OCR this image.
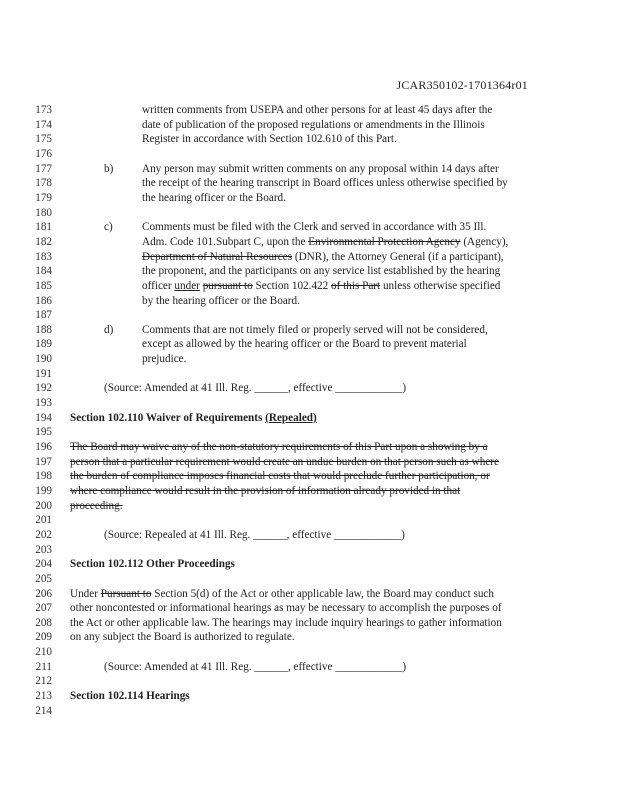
JCAR350102-1701364r01
173	written comments from USEPA and other persons for at least 45 days after the
174	date of publication of the proposed regulations or amendments in the Illinois
175	Register in accordance with Section 102.610 of this Part.
176
177	b)	Any person may submit written comments on any proposal within 14 days after
178	the receipt of the hearing transcript in Board offices unless otherwise specified by
179	the hearing officer or the Board.
180
181	c)	Comments must be filed with the Clerk and served in accordance with 35 Ill.
182	Adm. Code 101.Subpart C, upon the Environmental Protection Agency (Agency),
183	Department of Natural Resources (DNR), the Attorney General (if a participant),
184	the proponent, and the participants on any service list established by the hearing
185	officer under pursuant to Section 102.422 of this Part unless otherwise specified
186	by the hearing officer or the Board.
187
188	d)	Comments that are not timely filed or properly served will not be considered,
189	except as allowed by the hearing officer or the Board to prevent material
190	prejudice.
191
192	(Source: Amended at 41 Ill. Reg. ______, effective ____________)
193
194 Section 102.110 Waiver of Requirements (Repealed)
195
196 The Board may waive any of the non-statutory requirements of this Part upon a showing by a
197 person that a particular requirement would create an undue burden on that person such as where
198 the burden of compliance imposes financial costs that would preclude further participation, or
199 where compliance would result in the provision of information already provided in that
200 proceeding.
201
202	(Source: Repealed at 41 Ill. Reg. ______, effective ____________)
203
204 Section 102.112 Other Proceedings
205
206 Under Pursuant to Section 5(d) of the Act or other applicable law, the Board may conduct such
207 other noncontested or informational hearings as may be necessary to accomplish the purposes of
208 the Act or other applicable law. The hearings may include inquiry hearings to gather information
209 on any subject the Board is authorized to regulate.
210
211	(Source: Amended at 41 Ill. Reg. ______, effective ____________)
212
213 Section 102.114 Hearings
214
